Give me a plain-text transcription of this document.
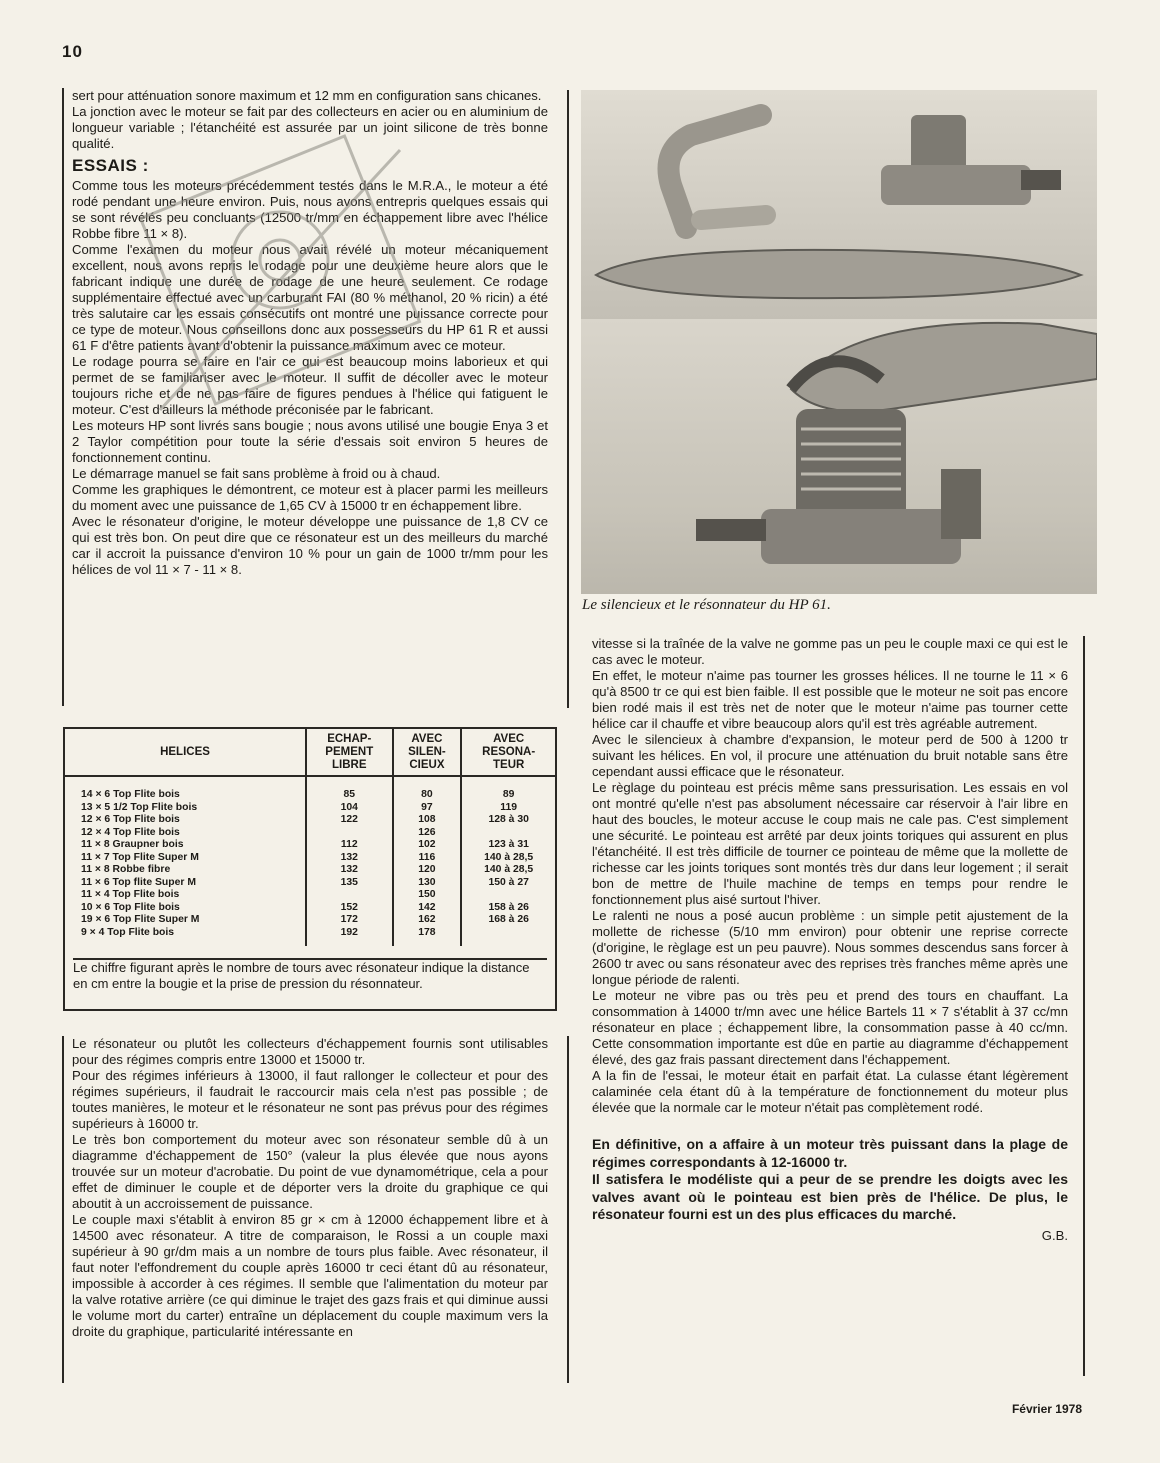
10

sert pour atténuation sonore maximum et 12 mm en configuration sans chicanes.

La jonction avec le moteur se fait par des collecteurs en acier ou en aluminium de longueur variable ; l'étanchéité est assurée par un joint silicone de très bonne qualité.

ESSAIS :

Comme tous les moteurs précédemment testés dans le M.R.A., le moteur a été rodé pendant une heure environ. Puis, nous avons entrepris quelques essais qui se sont révélés peu concluants (12500 tr/mm en échappement libre avec l'hélice Robbe fibre 11 × 8).

Comme l'examen du moteur nous avait révélé un moteur mécaniquement excellent, nous avons repris le rodage pour une deuxième heure alors que le fabricant indique une durée de rodage de une heure seulement. Ce rodage supplémentaire effectué avec un carburant FAI (80 % méthanol, 20 % ricin) a été très salutaire car les essais consécutifs ont montré une puissance correcte pour ce type de moteur. Nous conseillons donc aux possesseurs du HP 61 R et aussi 61 F d'être patients avant d'obtenir la puissance maximum avec ce moteur.

Le rodage pourra se faire en l'air ce qui est beaucoup moins laborieux et qui permet de se familiariser avec le moteur. Il suffit de décoller avec le moteur toujours riche et de ne pas faire de figures pendues à l'hélice qui fatiguent le moteur. C'est d'ailleurs la méthode préconisée par le fabricant.

Les moteurs HP sont livrés sans bougie ; nous avons utilisé une bougie Enya 3 et 2 Taylor compétition pour toute la série d'essais soit environ 5 heures de fonctionnement continu.

Le démarrage manuel se fait sans problème à froid ou à chaud.

Comme les graphiques le démontrent, ce moteur est à placer parmi les meilleurs du moment avec une puissance de 1,65 CV à 15000 tr en échappement libre.

Avec le résonateur d'origine, le moteur développe une puissance de 1,8 CV ce qui est très bon. On peut dire que ce résonateur est un des meilleurs du marché car il accroit la puissance d'environ 10 % pour un gain de 1000 tr/mm pour les hélices de vol 11 × 7 - 11 × 8.

HELICES	ECHAP-
PEMENT
LIBRE	AVEC
SILEN-
CIEUX	AVEC
RESONA-
TEUR

14 × 6 Top Flite bois	85	80	89
13 × 5 1/2 Top Flite bois	104	97	119
12 × 6 Top Flite bois	122	108	128 à 30
12 × 4 Top Flite bois		126	
11 × 8 Graupner bois	112	102	123 à 31
11 × 7 Top Flite Super M	132	116	140 à 28,5
11 × 8 Robbe fibre	132	120	140 à 28,5
11 × 6 Top flite Super M	135	130	150 à 27
11 × 4 Top Flite bois		150	
10 × 6 Top Flite bois	152	142	158 à 26
19 × 6 Top Flite Super M	172	162	168 à 26
9 × 4 Top Flite bois	192	178	

Le chiffre figurant après le nombre de tours avec résonateur indique la distance en cm entre la bougie et la prise de pression du résonnateur.

Le résonateur ou plutôt les collecteurs d'échappement fournis sont utilisables pour des régimes compris entre 13000 et 15000 tr.

Pour des régimes inférieurs à 13000, il faut rallonger le collecteur et pour des régimes supérieurs, il faudrait le raccourcir mais cela n'est pas possible ; de toutes manières, le moteur et le résonateur ne sont pas prévus pour des régimes supérieurs à 16000 tr.

Le très bon comportement du moteur avec son résonateur semble dû à un diagramme d'échappement de 150° (valeur la plus élevée que nous ayons trouvée sur un moteur d'acrobatie. Du point de vue dynamométrique, cela a pour effet de diminuer le couple et de déporter vers la droite du graphique ce qui aboutit à un accroissement de puissance.

Le couple maxi s'établit à environ 85 gr × cm à 12000 échappement libre et à 14500 avec résonateur. A titre de comparaison, le Rossi a un couple maxi supérieur à 90 gr/dm mais a un nombre de tours plus faible. Avec résonateur, il faut noter l'effondrement du couple après 16000 tr ceci étant dû au résonateur, impossible à accorder à ces régimes. Il semble que l'alimentation du moteur par la valve rotative arrière (ce qui diminue le trajet des gazs frais et qui diminue aussi le volume mort du carter) entraîne un déplacement du couple maximum vers la droite du graphique, particularité intéressante en

Le silencieux et le résonnateur du HP 61.

vitesse si la traînée de la valve ne gomme pas un peu le couple maxi ce qui est le cas avec le moteur.

En effet, le moteur n'aime pas tourner les grosses hélices. Il ne tourne le 11 × 6 qu'à 8500 tr ce qui est bien faible. Il est possible que le moteur ne soit pas encore bien rodé mais il est très net de noter que le moteur n'aime pas tourner cette hélice car il chauffe et vibre beaucoup alors qu'il est très agréable autrement.

Avec le silencieux à chambre d'expansion, le moteur perd de 500 à 1200 tr suivant les hélices. En vol, il procure une atténuation du bruit notable sans être cependant aussi efficace que le résonateur.

Le règlage du pointeau est précis même sans pressurisation. Les essais en vol ont montré qu'elle n'est pas absolument nécessaire car réservoir à l'air libre en haut des boucles, le moteur accuse le coup mais ne cale pas. C'est simplement une sécurité. Le pointeau est arrêté par deux joints toriques qui assurent en plus l'étanchéité. Il est très difficile de tourner ce pointeau de même que la mollette de richesse car les joints toriques sont montés très dur dans leur logement ; il serait bon de mettre de l'huile machine de temps en temps pour rendre le fonctionnement plus aisé surtout l'hiver.

Le ralenti ne nous a posé aucun problème : un simple petit ajustement de la mollette de richesse (5/10 mm environ) pour obtenir une reprise correcte (d'origine, le règlage est un peu pauvre). Nous sommes descendus sans forcer à 2600 tr avec ou sans résonateur avec des reprises très franches même après une longue période de ralenti.

Le moteur ne vibre pas ou très peu et prend des tours en chauffant. La consommation à 14000 tr/mn avec une hélice Bartels 11 × 7 s'établit à 37 cc/mn résonateur en place ; échappement libre, la consommation passe à 40 cc/mn. Cette consommation importante est dûe en partie au diagramme d'échappement élevé, des gaz frais passant directement dans l'échappement.

A la fin de l'essai, le moteur était en parfait état. La culasse étant légèrement calaminée cela étant dû à la température de fonctionnement du moteur plus élevée que la normale car le moteur n'était pas complètement rodé.

En définitive, on a affaire à un moteur très puissant dans la plage de régimes correspondants à 12-16000 tr.

Il satisfera le modéliste qui a peur de se prendre les doigts avec les valves avant où le pointeau est bien près de l'hélice. De plus, le résonateur fourni est un des plus efficaces du marché.

G.B.

Février 1978
